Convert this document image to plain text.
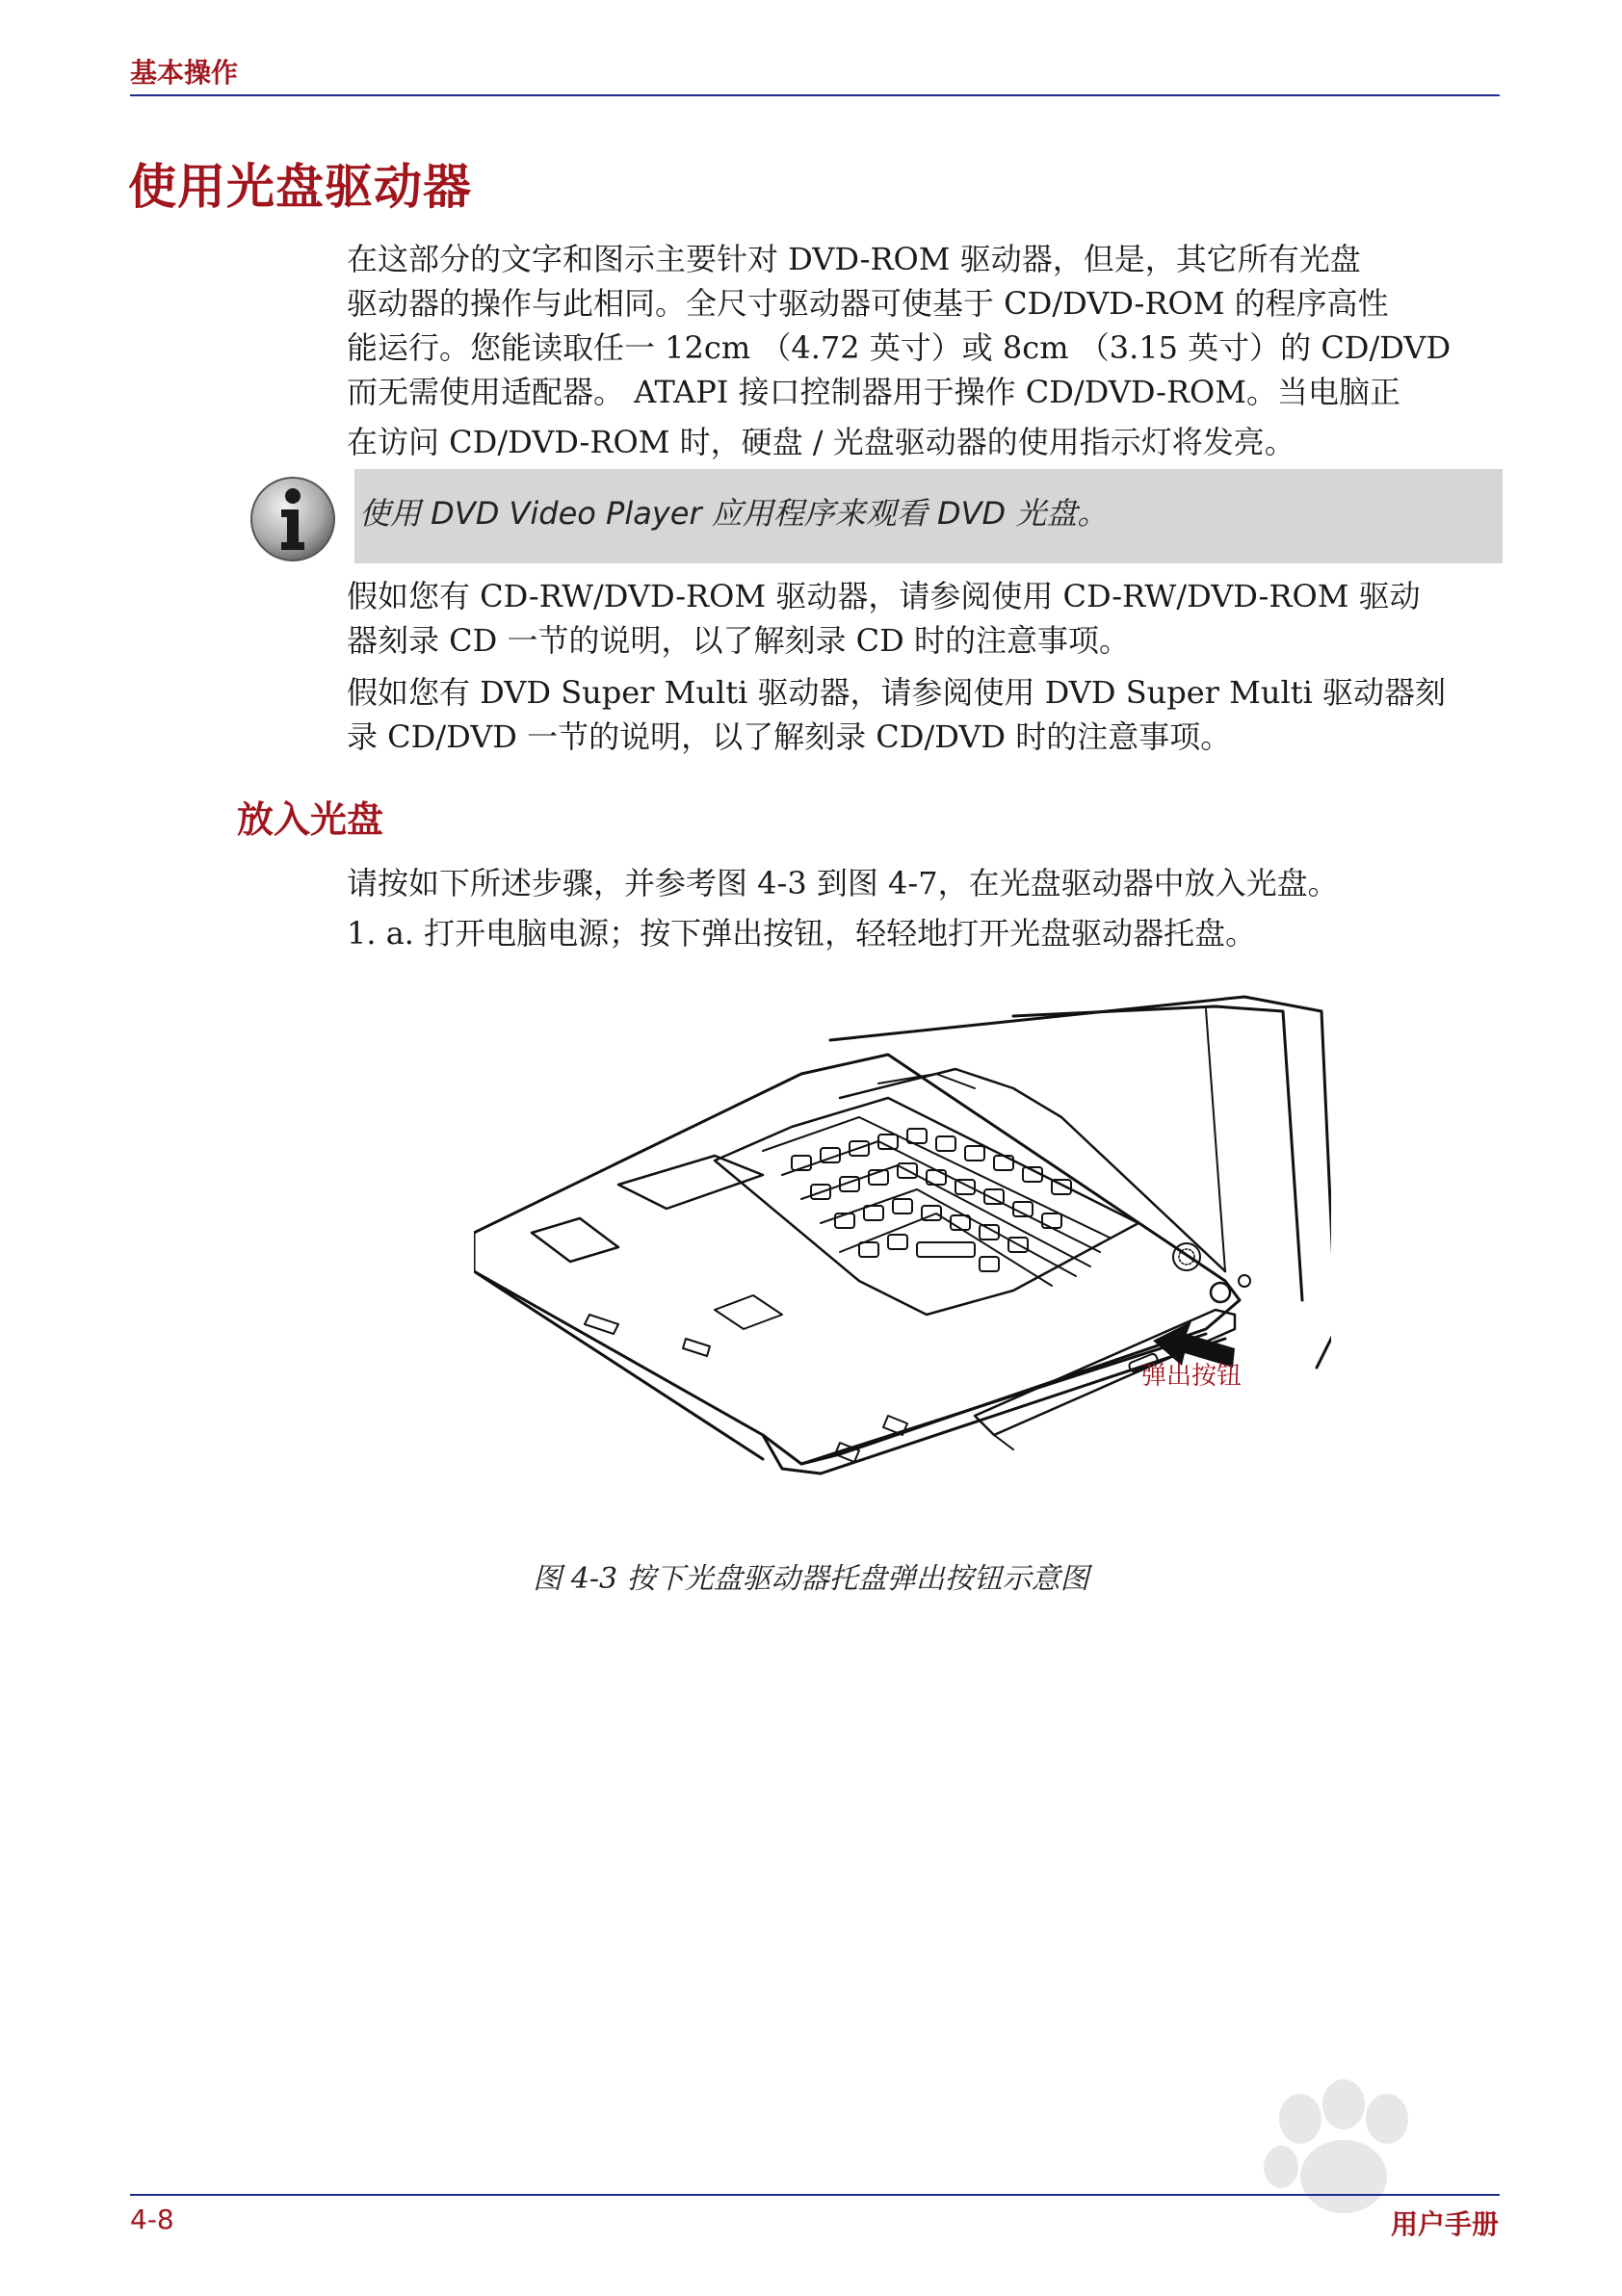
基本操作
使用光盘驱动器
在这部分的文字和图示主要针对 DVD-ROM 驱动器，但是，其它所有光盘
驱动器的操作与此相同。全尺寸驱动器可使基于 CD/DVD-ROM 的程序高性
能运行。您能读取任一 12cm （4.72 英寸）或 8cm （3.15 英寸）的 CD/DVD
而无需使用适配器。 ATAPI 接口控制器用于操作 CD/DVD-ROM。当电脑正
在访问 CD/DVD-ROM 时，硬盘 / 光盘驱动器的使用指示灯将发亮。
使用 DVD Video Player 应用程序来观看 DVD 光盘。
假如您有 CD-RW/DVD-ROM 驱动器，请参阅使用 CD-RW/DVD-ROM 驱动
器刻录 CD 一节的说明，以了解刻录 CD 时的注意事项。
假如您有 DVD Super Multi 驱动器，请参阅使用 DVD Super Multi 驱动器刻
录 CD/DVD 一节的说明，以了解刻录 CD/DVD 时的注意事项。
放入光盘
请按如下所述步骤，并参考图 4-3 到图 4-7，在光盘驱动器中放入光盘。
1. a. 打开电脑电源；按下弹出按钮，轻轻地打开光盘驱动器托盘。
弹出按钮
图 4-3 按下光盘驱动器托盘弹出按钮示意图
4-8	用户手册
